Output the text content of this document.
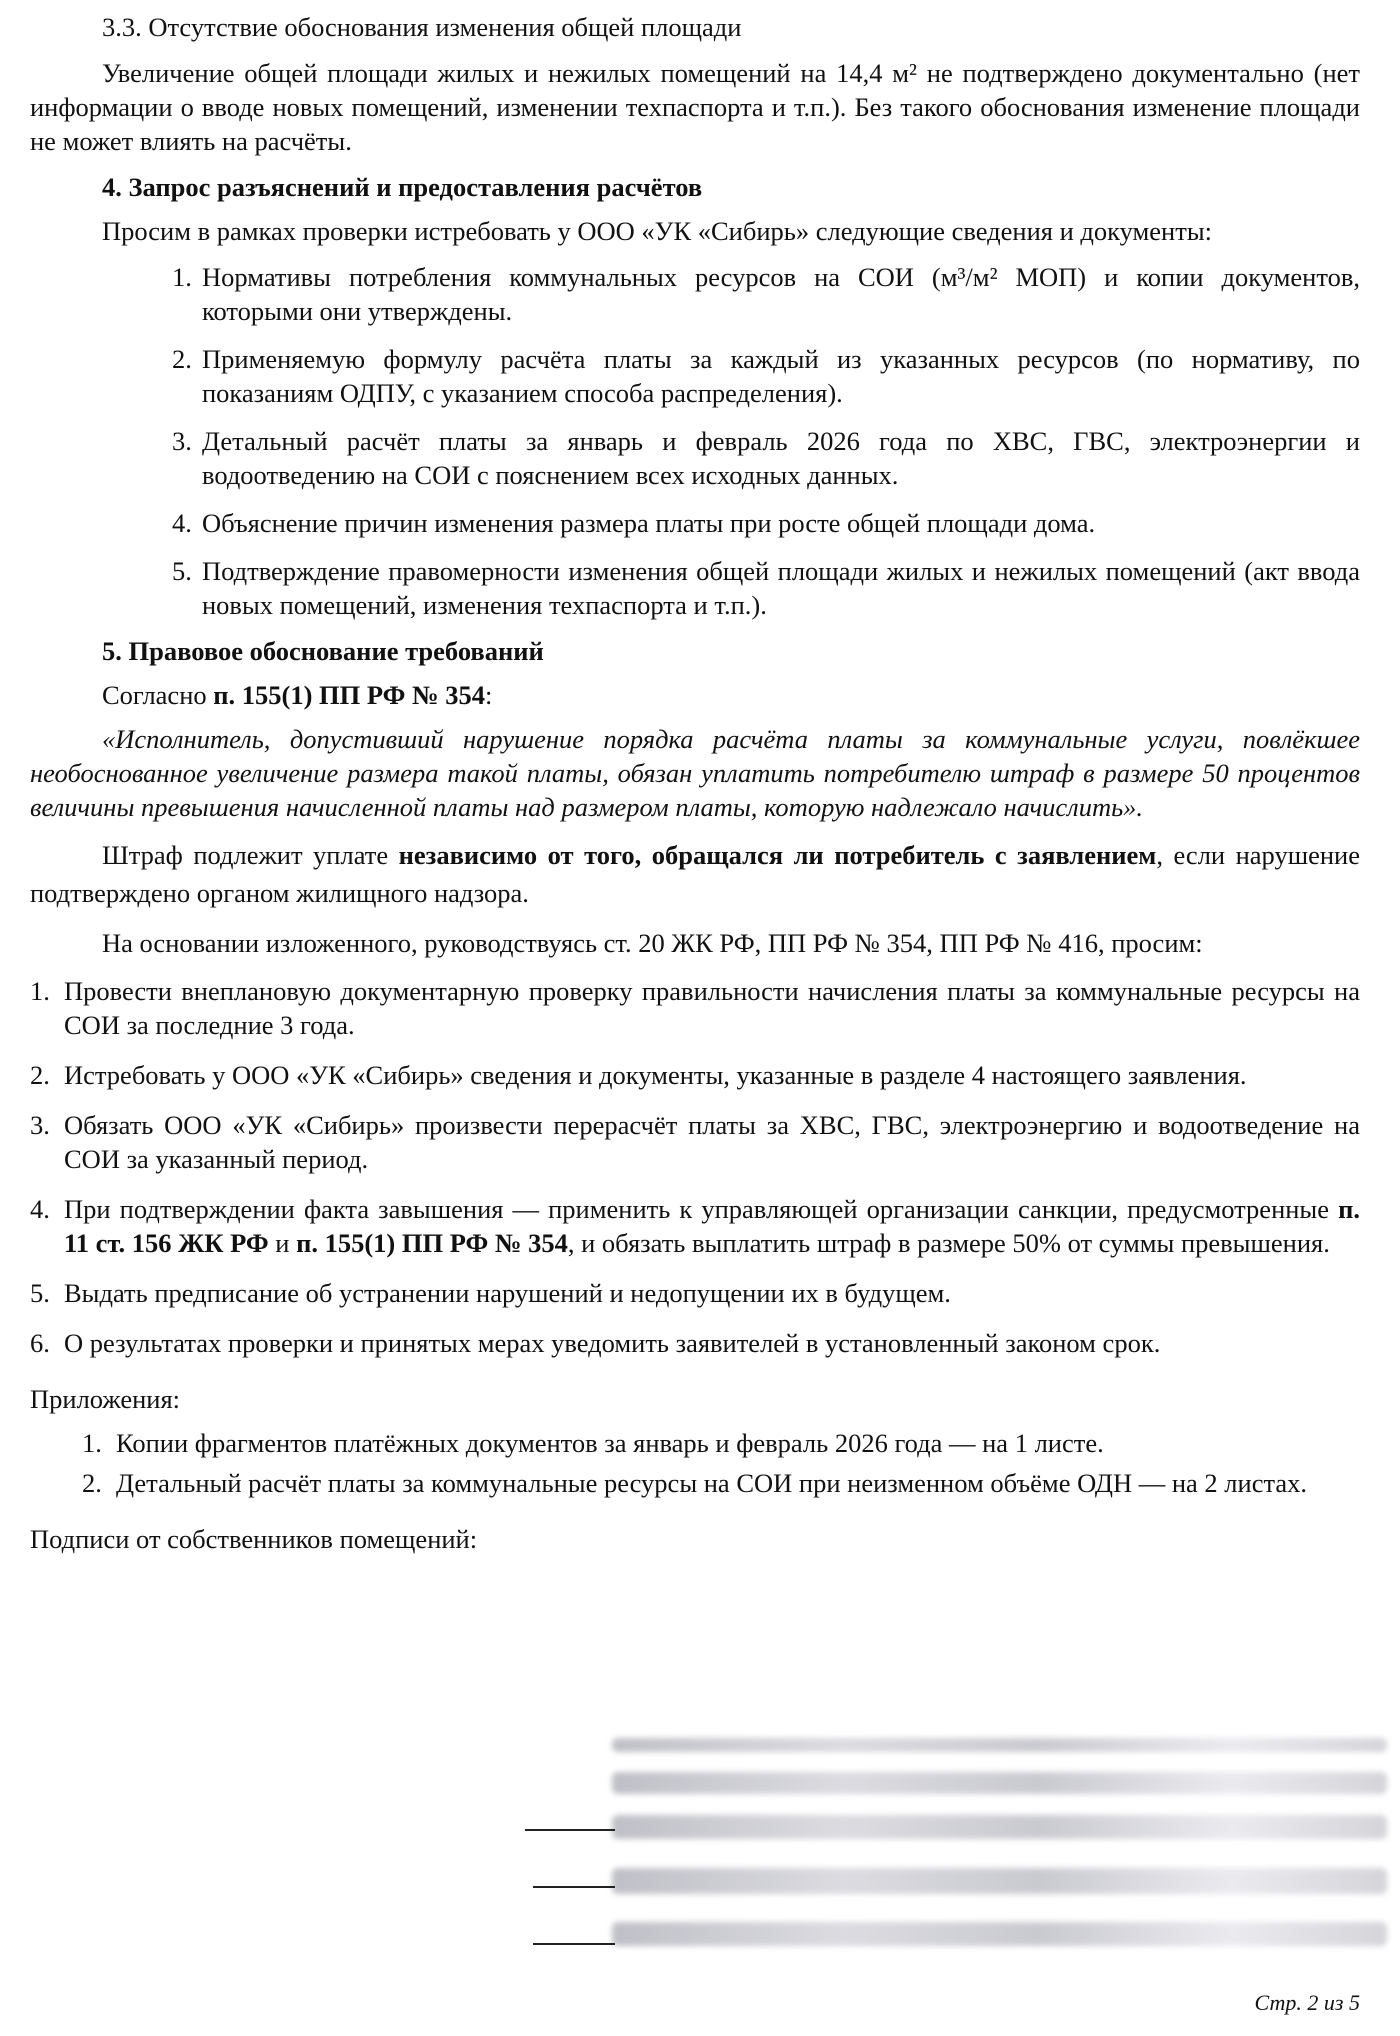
3.3. Отсутствие обоснования изменения общей площади

Увеличение общей площади жилых и нежилых помещений на 14,4 м² не подтверждено документально (нет информации о вводе новых помещений, изменении техпаспорта и т.п.). Без такого обоснования изменение площади не может влиять на расчёты.

4. Запрос разъяснений и предоставления расчётов

Просим в рамках проверки истребовать у ООО «УК «Сибирь» следующие сведения и документы:

1. Нормативы потребления коммунальных ресурсов на СОИ (м³/м² МОП) и копии документов, которыми они утверждены.
2. Применяемую формулу расчёта платы за каждый из указанных ресурсов (по нормативу, по показаниям ОДПУ, с указанием способа распределения).
3. Детальный расчёт платы за январь и февраль 2026 года по ХВС, ГВС, электроэнергии и водоотведению на СОИ с пояснением всех исходных данных.
4. Объяснение причин изменения размера платы при росте общей площади дома.
5. Подтверждение правомерности изменения общей площади жилых и нежилых помещений (акт ввода новых помещений, изменения техпаспорта и т.п.).

5. Правовое обоснование требований

Согласно п. 155(1) ПП РФ № 354:

«Исполнитель, допустивший нарушение порядка расчёта платы за коммунальные услуги, повлёкшее необоснованное увеличение размера такой платы, обязан уплатить потребителю штраф в размере 50 процентов величины превышения начисленной платы над размером платы, которую надлежало начислить».

Штраф подлежит уплате независимо от того, обращался ли потребитель с заявлением, если нарушение подтверждено органом жилищного надзора.

На основании изложенного, руководствуясь ст. 20 ЖК РФ, ПП РФ № 354, ПП РФ № 416, просим:

1. Провести внеплановую документарную проверку правильности начисления платы за коммунальные ресурсы на СОИ за последние 3 года.
2. Истребовать у ООО «УК «Сибирь» сведения и документы, указанные в разделе 4 настоящего заявления.
3. Обязать ООО «УК «Сибирь» произвести перерасчёт платы за ХВС, ГВС, электроэнергию и водоотведение на СОИ за указанный период.
4. При подтверждении факта завышения — применить к управляющей организации санкции, предусмотренные п. 11 ст. 156 ЖК РФ и п. 155(1) ПП РФ № 354, и обязать выплатить штраф в размере 50% от суммы превышения.
5. Выдать предписание об устранении нарушений и недопущении их в будущем.
6. О результатах проверки и принятых мерах уведомить заявителей в установленный законом срок.

Приложения:

1. Копии фрагментов платёжных документов за январь и февраль 2026 года — на 1 листе.
2. Детальный расчёт платы за коммунальные ресурсы на СОИ при неизменном объёме ОДН — на 2 листах.

Подписи от собственников помещений:

Стр. 2 из 5
